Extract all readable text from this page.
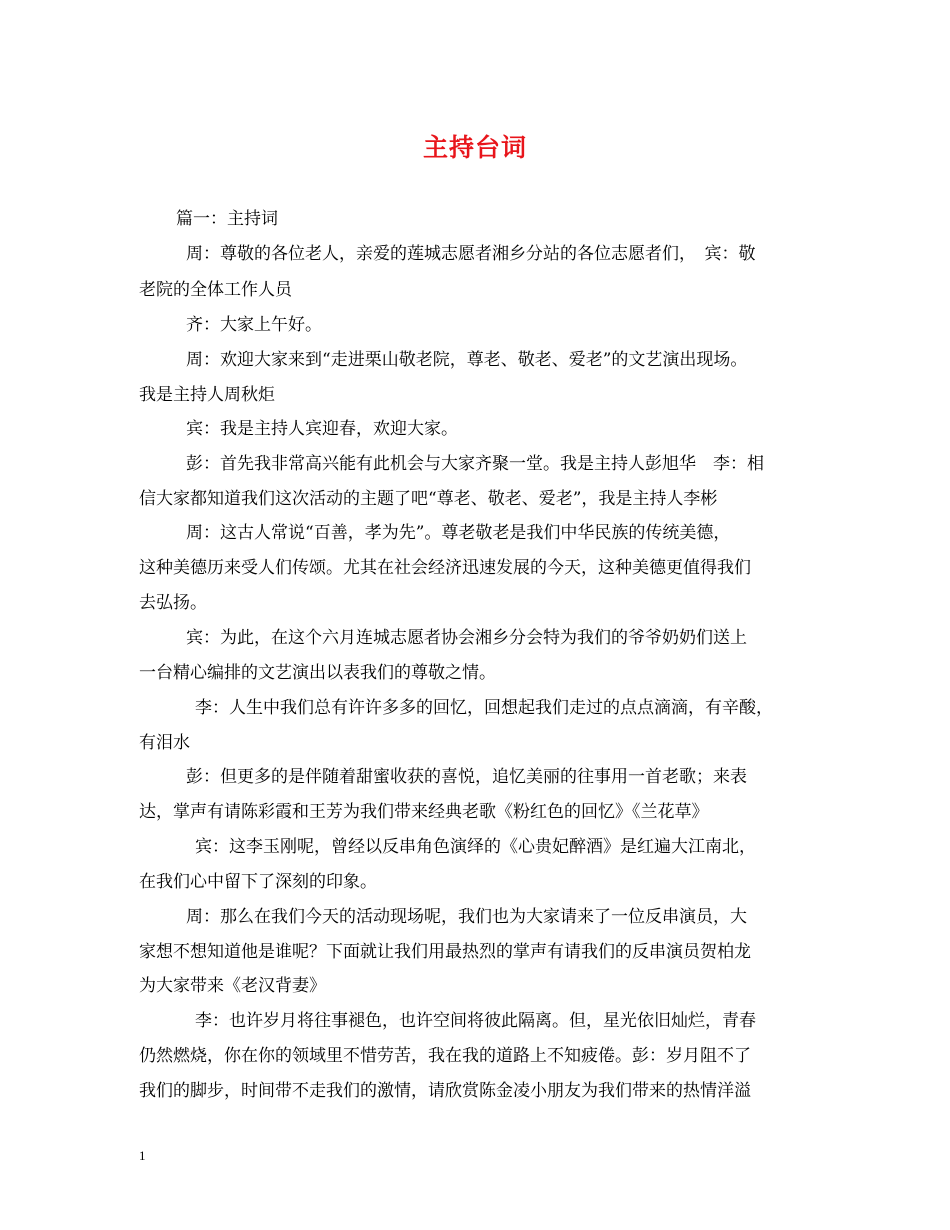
主持台词
篇一：主持词
周：尊敬的各位老人，亲爱的莲城志愿者湘乡分站的各位志愿者们，　宾：敬
老院的全体工作人员
齐：大家上午好。
周：欢迎大家来到“走进栗山敬老院，尊老、敬老、爱老”的文艺演出现场。
我是主持人周秋炬
宾：我是主持人宾迎春，欢迎大家。
彭：首先我非常高兴能有此机会与大家齐聚一堂。我是主持人彭旭华　李：相
信大家都知道我们这次活动的主题了吧“尊老、敬老、爱老”，我是主持人李彬
周：这古人常说“百善，孝为先”。尊老敬老是我们中华民族的传统美德，
这种美德历来受人们传颂。尤其在社会经济迅速发展的今天，这种美德更值得我们
去弘扬。
宾：为此，在这个六月连城志愿者协会湘乡分会特为我们的爷爷奶奶们送上
一台精心编排的文艺演出以表我们的尊敬之情。
李：人生中我们总有许许多多的回忆，回想起我们走过的点点滴滴，有辛酸，
有泪水
彭：但更多的是伴随着甜蜜收获的喜悦，追忆美丽的往事用一首老歌；来表
达，掌声有请陈彩霞和王芳为我们带来经典老歌《粉红色的回忆》《兰花草》
宾：这李玉刚呢，曾经以反串角色演绎的《心贵妃醉酒》是红遍大江南北，
在我们心中留下了深刻的印象。
周：那么在我们今天的活动现场呢，我们也为大家请来了一位反串演员，大
家想不想知道他是谁呢？下面就让我们用最热烈的掌声有请我们的反串演员贺柏龙
为大家带来《老汉背妻》
李：也许岁月将往事褪色，也许空间将彼此隔离。但，星光依旧灿烂，青春
仍然燃烧，你在你的领域里不惜劳苦，我在我的道路上不知疲倦。彭：岁月阻不了
我们的脚步，时间带不走我们的激情，请欣赏陈金凌小朋友为我们带来的热情洋溢
1
